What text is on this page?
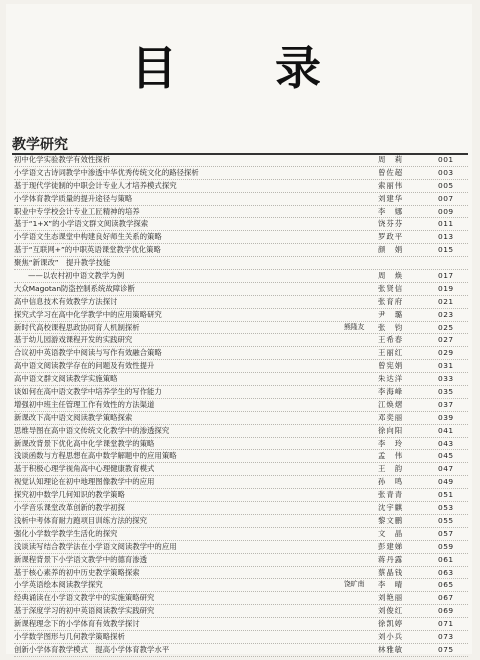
目　录
教学研究
初中化学实验教学有效性探析	周　莉	001
小学语文古诗词教学中渗透中华优秀传统文化的路径探析	曾佐超	003
基于现代学徒制的中职会计专业人才培养模式探究	索丽伟	005
小学体育教学质量的提升途径与策略	刘建华	007
职业中专学校会计专业工匠精神的培养	李　娜	009
基于“1+X”的小学语文群文阅读教学探索	饶芬芬	011
小学语文生态课堂中构建良好师生关系的策略	罗政平	013
基于“互联网+”的中职英语课堂教学优化策略	颜　娟	015
聚焦“新课改”　提升教学技能
——以农村初中语文教学为例	周　焕	017
大众Magotan防盗控制系统故障诊断	张贤信	019
高中信息技术有效教学方法探讨	张育府	021
探究式学习在高中化学教学中的应用策略研究	尹　璐	023
新时代高校课程思政协同育人机制探析	熊隆友 张　钧	025
基于幼儿园游戏课程开发的实践研究	王希春	027
合议初中英语教学中阅读与写作有效融合策略	王丽红	029
高中语文阅读教学存在的问题及有效性提升	曾宪娟	031
高中语文群文阅读教学实施策略	朱达洋	033
谈如何在高中语文教学中培养学生的写作能力	李海峰	035
增强初中班主任管理工作有效性的方法渠道	江焕熠	037
新课改下高中语文阅读教学策略探索	邓奕丽	039
思维导图在高中语文传统文化教学中的渗透探究	徐向阳	041
新课改背景下优化高中化学课堂教学的策略	李　玲	043
浅谈函数与方程思想在高中数学解题中的应用策略	孟　伟	045
基于积极心理学视角高中心理健康教育模式	王　韵	047
视觉认知理论在初中地理图像教学中的应用	孙　鸣	049
探究初中数学几何知识的教学策略	张青青	051
小学音乐课堂改革创新的教学初探	沈宇麒	053
浅析中考体育耐力跑项目训练方法的探究	黎文鹏	055
强化小学数学教学生活化的探究	文　晶	057
浅谈读写结合教学法在小学语文阅读教学中的应用	彭建娣	059
新课程背景下小学语文教学中的德育渗透	蒋丹露	061
基于核心素养的初中历史教学策略探索	蔡晶钱	063
小学英语绘本阅读教学探究	饶旷南 李　晴	065
经典诵读在小学语文教学中的实施策略研究	刘艳丽	067
基于深度学习的初中英语阅读教学实践研究	刘俊红	069
新课程理念下的小学体育有效教学探讨	徐凯婷	071
小学数学图形与几何教学策略探析	刘小兵	073
创新小学体育教学模式　提高小学体育教学水平	林雅敏	075
